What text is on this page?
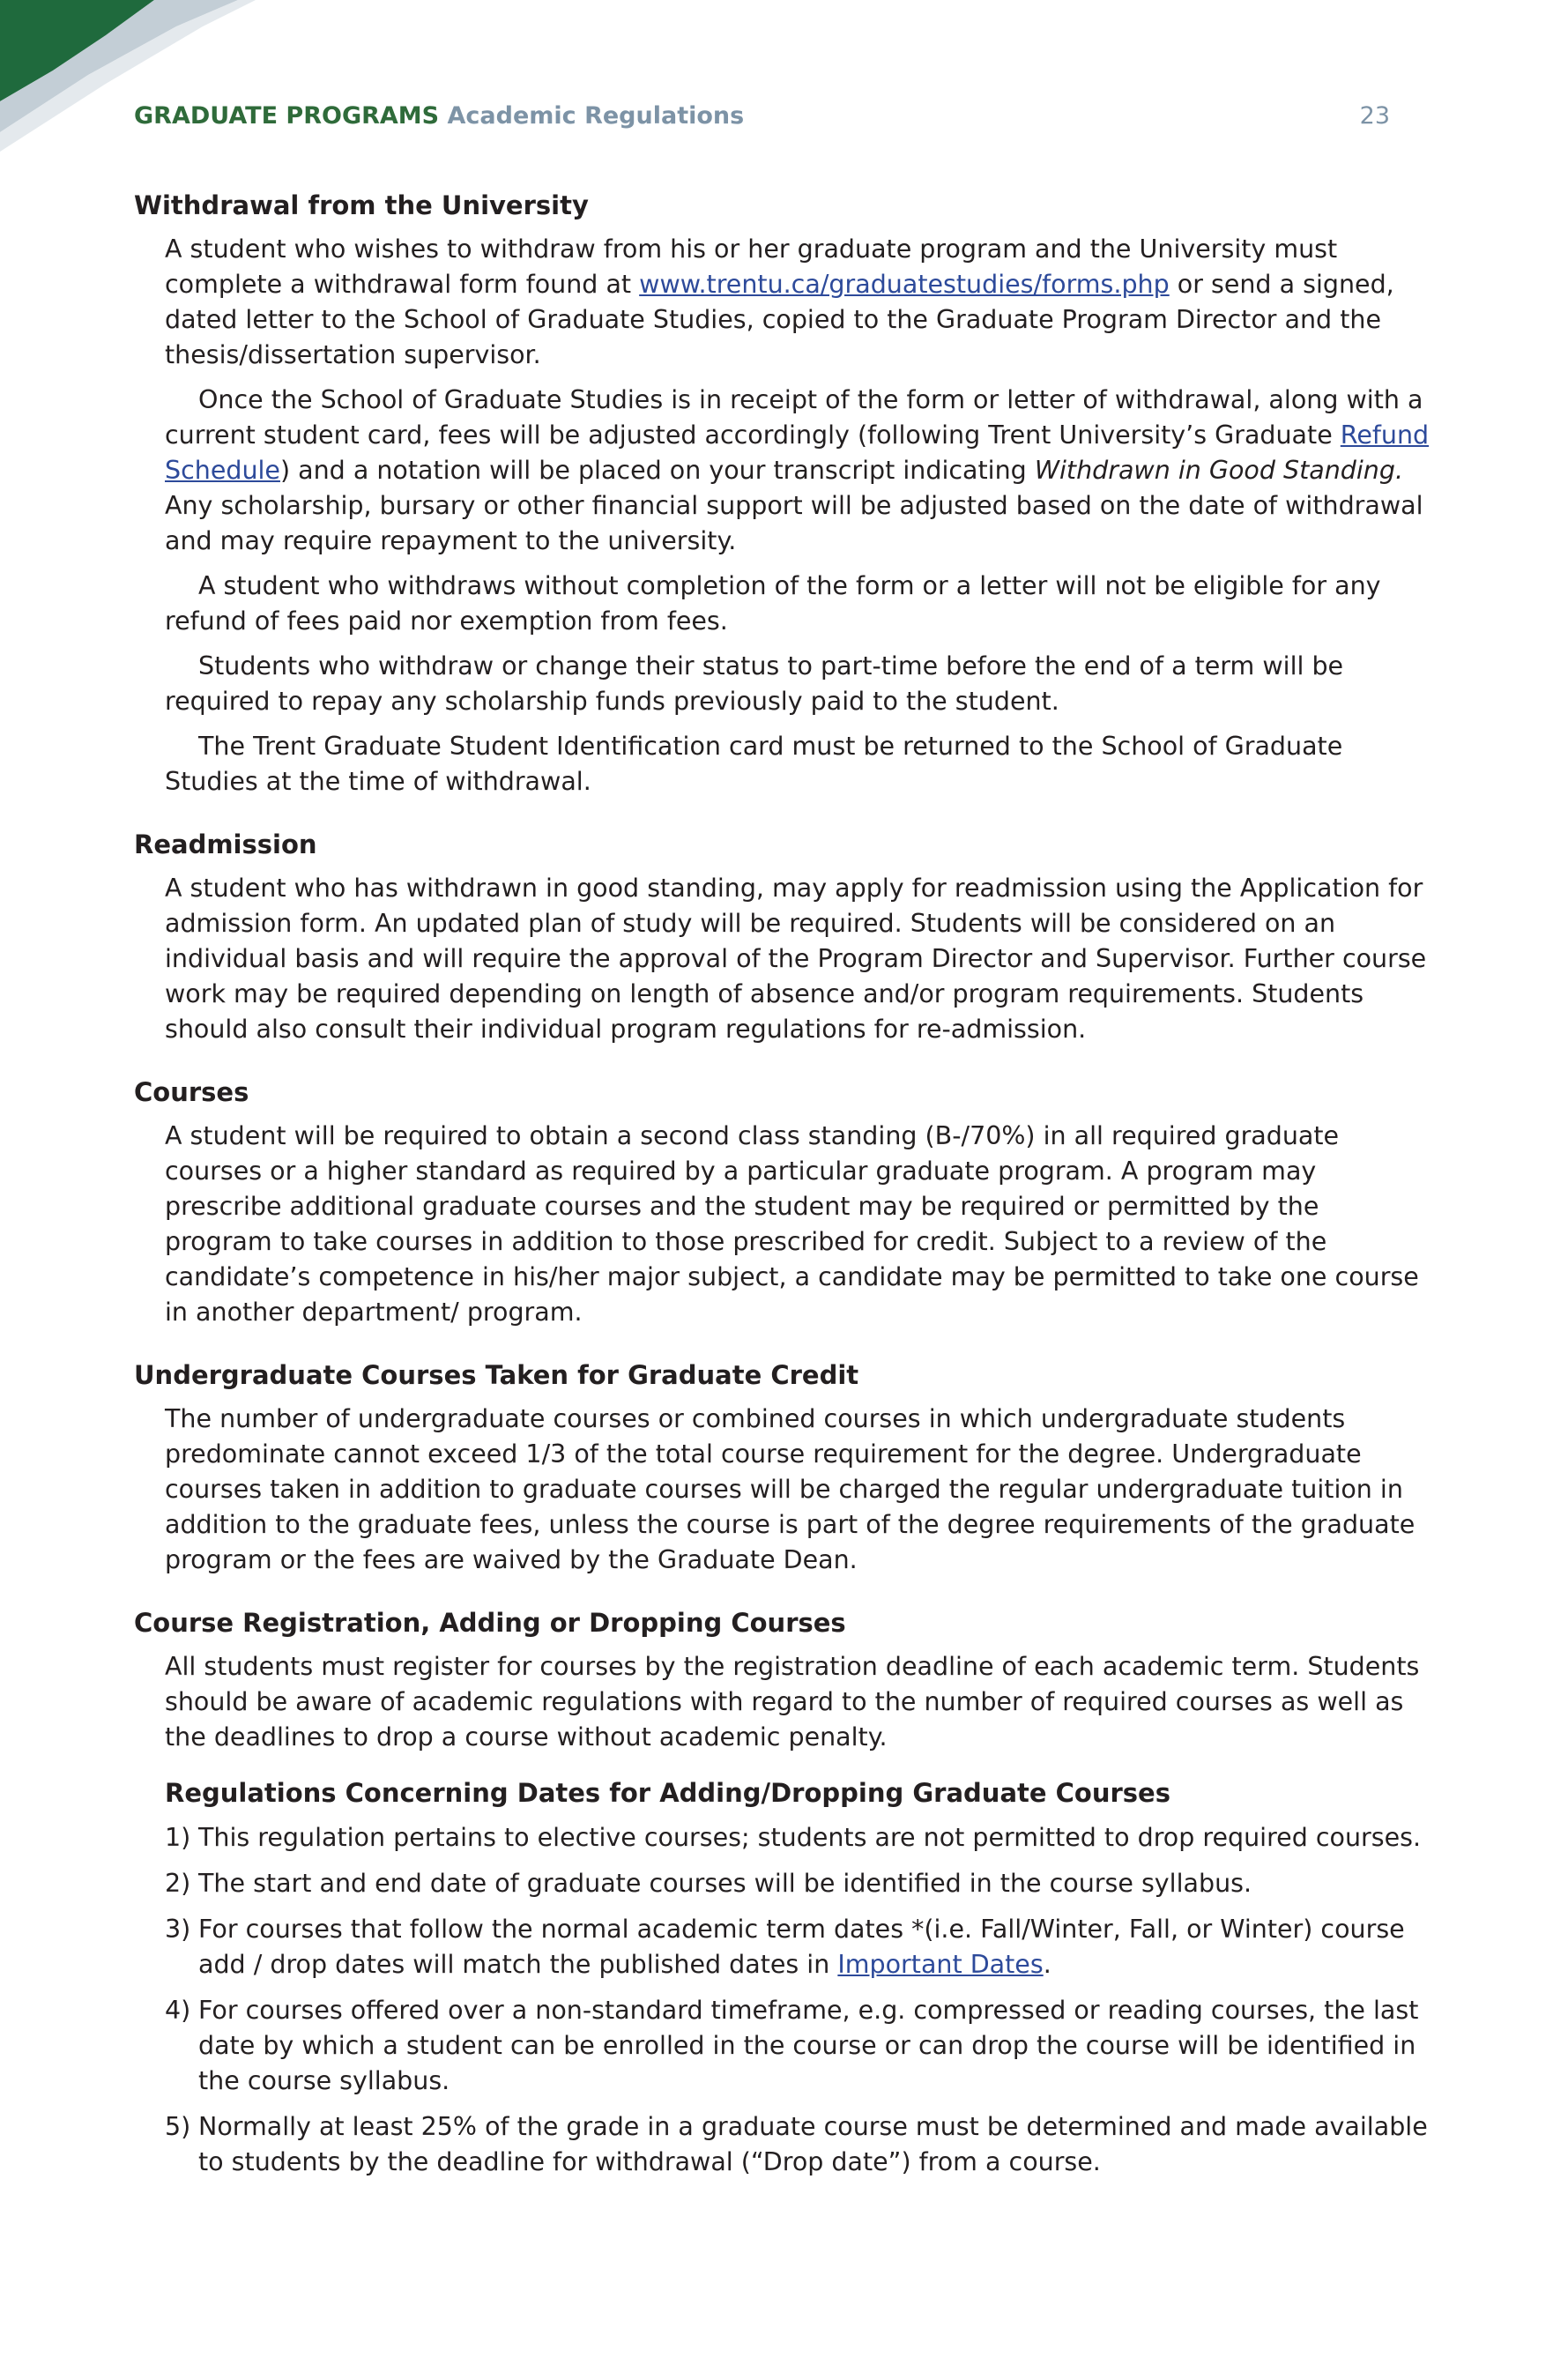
GRADUATE PROGRAMS Academic Regulations	23
Withdrawal from the University

A student who wishes to withdraw from his or her graduate program and the University must complete a withdrawal form found at www.trentu.ca/graduatestudies/forms.php or send a signed, dated letter to the School of Graduate Studies, copied to the Graduate Program Director and the thesis/dissertation supervisor.

Once the School of Graduate Studies is in receipt of the form or letter of withdrawal, along with a current student card, fees will be adjusted accordingly (following Trent University’s Graduate Refund Schedule) and a notation will be placed on your transcript indicating Withdrawn in Good Standing. Any scholarship, bursary or other financial support will be adjusted based on the date of withdrawal and may require repayment to the university.

A student who withdraws without completion of the form or a letter will not be eligible for any refund of fees paid nor exemption from fees.

Students who withdraw or change their status to part-time before the end of a term will be required to repay any scholarship funds previously paid to the student.

The Trent Graduate Student Identification card must be returned to the School of Graduate Studies at the time of withdrawal.

Readmission

A student who has withdrawn in good standing, may apply for readmission using the Application for admission form. An updated plan of study will be required. Students will be considered on an individual basis and will require the approval of the Program Director and Supervisor. Further course work may be required depending on length of absence and/or program requirements. Students should also consult their individual program regulations for re-admission.

Courses

A student will be required to obtain a second class standing (B-/70%) in all required graduate courses or a higher standard as required by a particular graduate program. A program may prescribe additional graduate courses and the student may be required or permitted by the program to take courses in addition to those prescribed for credit. Subject to a review of the candidate’s competence in his/her major subject, a candidate may be permitted to take one course in another department/ program.

Undergraduate Courses Taken for Graduate Credit

The number of undergraduate courses or combined courses in which undergraduate students predominate cannot exceed 1/3 of the total course requirement for the degree. Undergraduate courses taken in addition to graduate courses will be charged the regular undergraduate tuition in addition to the graduate fees, unless the course is part of the degree requirements of the graduate program or the fees are waived by the Graduate Dean.

Course Registration, Adding or Dropping Courses

All students must register for courses by the registration deadline of each academic term. Students should be aware of academic regulations with regard to the number of required courses as well as the deadlines to drop a course without academic penalty.

Regulations Concerning Dates for Adding/Dropping Graduate Courses
1) This regulation pertains to elective courses; students are not permitted to drop required courses.
2) The start and end date of graduate courses will be identified in the course syllabus.
3) For courses that follow the normal academic term dates *(i.e. Fall/Winter, Fall, or Winter) course add / drop dates will match the published dates in Important Dates.
4) For courses offered over a non-standard timeframe, e.g. compressed or reading courses, the last date by which a student can be enrolled in the course or can drop the course will be identified in the course syllabus.
5) Normally at least 25% of the grade in a graduate course must be determined and made available to students by the deadline for withdrawal (“Drop date”) from a course.
